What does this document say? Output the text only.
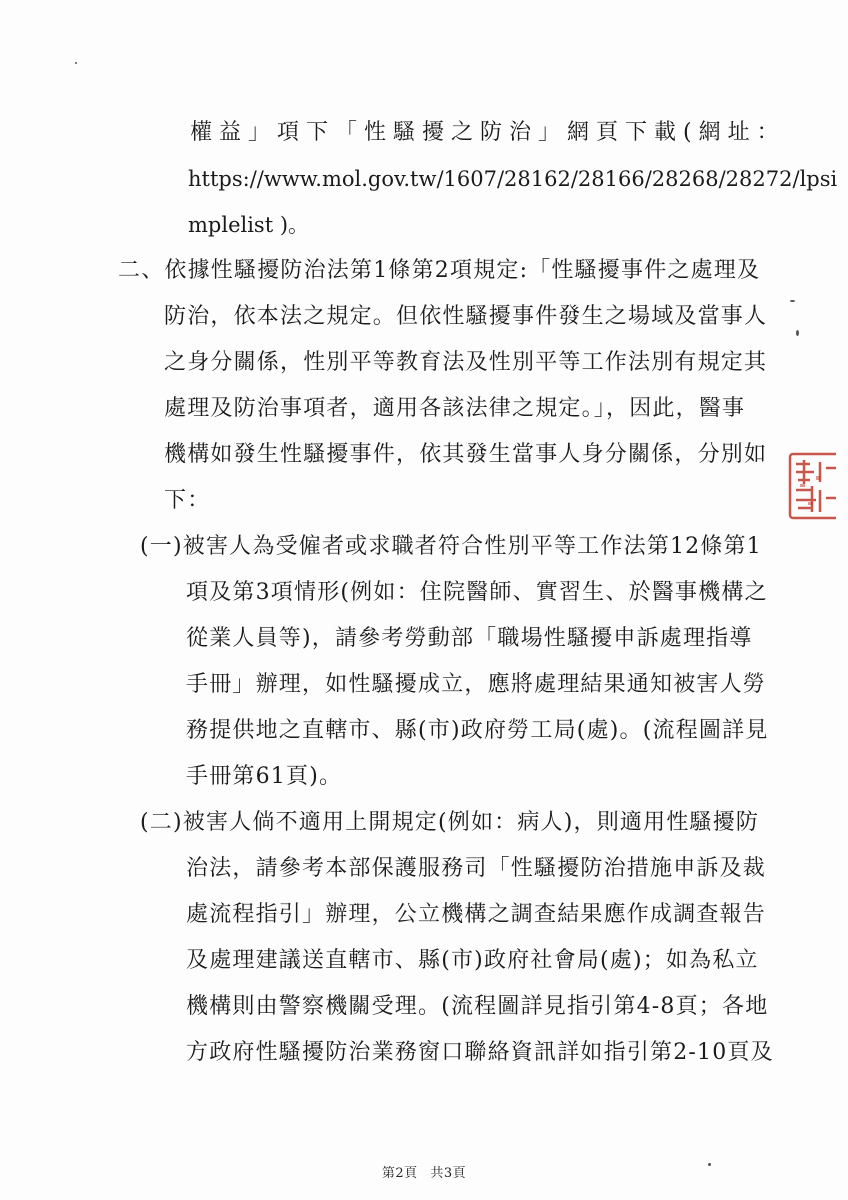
權益」項下「性騷擾之防治」網頁下載(網址：
https://www.mol.gov.tw/1607/28162/28166/28268/28272/lpsi
mplelist )。
二、依據性騷擾防治法第1條第2項規定:「性騷擾事件之處理及
防治，依本法之規定。但依性騷擾事件發生之場域及當事人
之身分關係，性別平等教育法及性別平等工作法別有規定其
處理及防治事項者，適用各該法律之規定。」，因此，醫事
機構如發生性騷擾事件，依其發生當事人身分關係，分別如
下：
(一)被害人為受僱者或求職者符合性別平等工作法第12條第1
項及第3項情形(例如：住院醫師、實習生、於醫事機構之
從業人員等)，請參考勞動部「職場性騷擾申訴處理指導
手冊」辦理，如性騷擾成立，應將處理結果通知被害人勞
務提供地之直轄市、縣(市)政府勞工局(處)。(流程圖詳見
手冊第61頁)。
(二)被害人倘不適用上開規定(例如：病人)，則適用性騷擾防
治法，請參考本部保護服務司「性騷擾防治措施申訴及裁
處流程指引」辦理，公立機構之調查結果應作成調查報告
及處理建議送直轄市、縣(市)政府社會局(處)；如為私立
機構則由警察機關受理。(流程圖詳見指引第4-8頁；各地
方政府性騷擾防治業務窗口聯絡資訊詳如指引第2-10頁及
第2頁 共3頁
